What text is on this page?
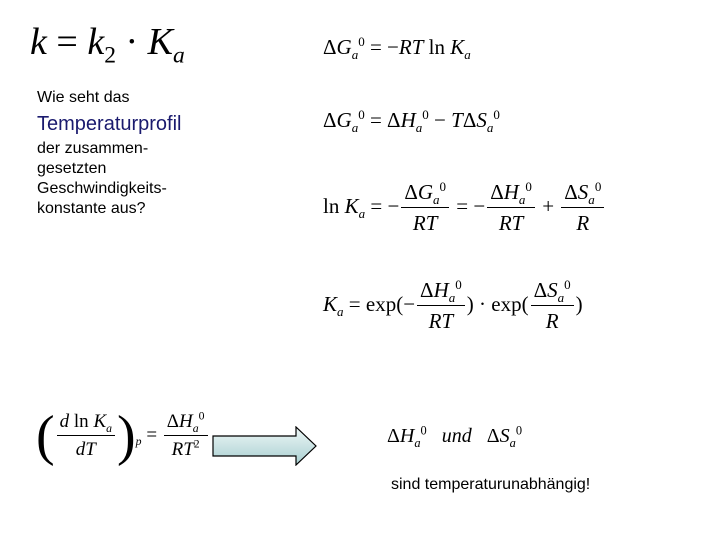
$k = k_2 \cdot K_a$
Wie seht das
Temperaturprofil
der zusammen-
gesetzten
Geschwindigkeits-
konstante aus?
$\Delta G_a^0 = -RT$ $\ln K_a$
$\Delta G_a^0 = \Delta H_a^0 - T\Delta S_a^0$
$\ln K_a$ = − $\frac{\Delta G_a^0}{RT}$ = − $\frac{\Delta H_a^0}{RT} + \frac{\Delta S_a^0}{R}$
$K_a = \exp(- \frac{\Delta H_a^0}{RT}$ ) · $\exp( \frac{\Delta S_a^0}{R}$ )
( $\frac{d \ln K_a}{dT} )_p = \frac{\Delta H_a^0}{RT^2}$	$\Delta H_a^0$ und   $\Delta S_a^0$
sind temperaturunabhängig!
